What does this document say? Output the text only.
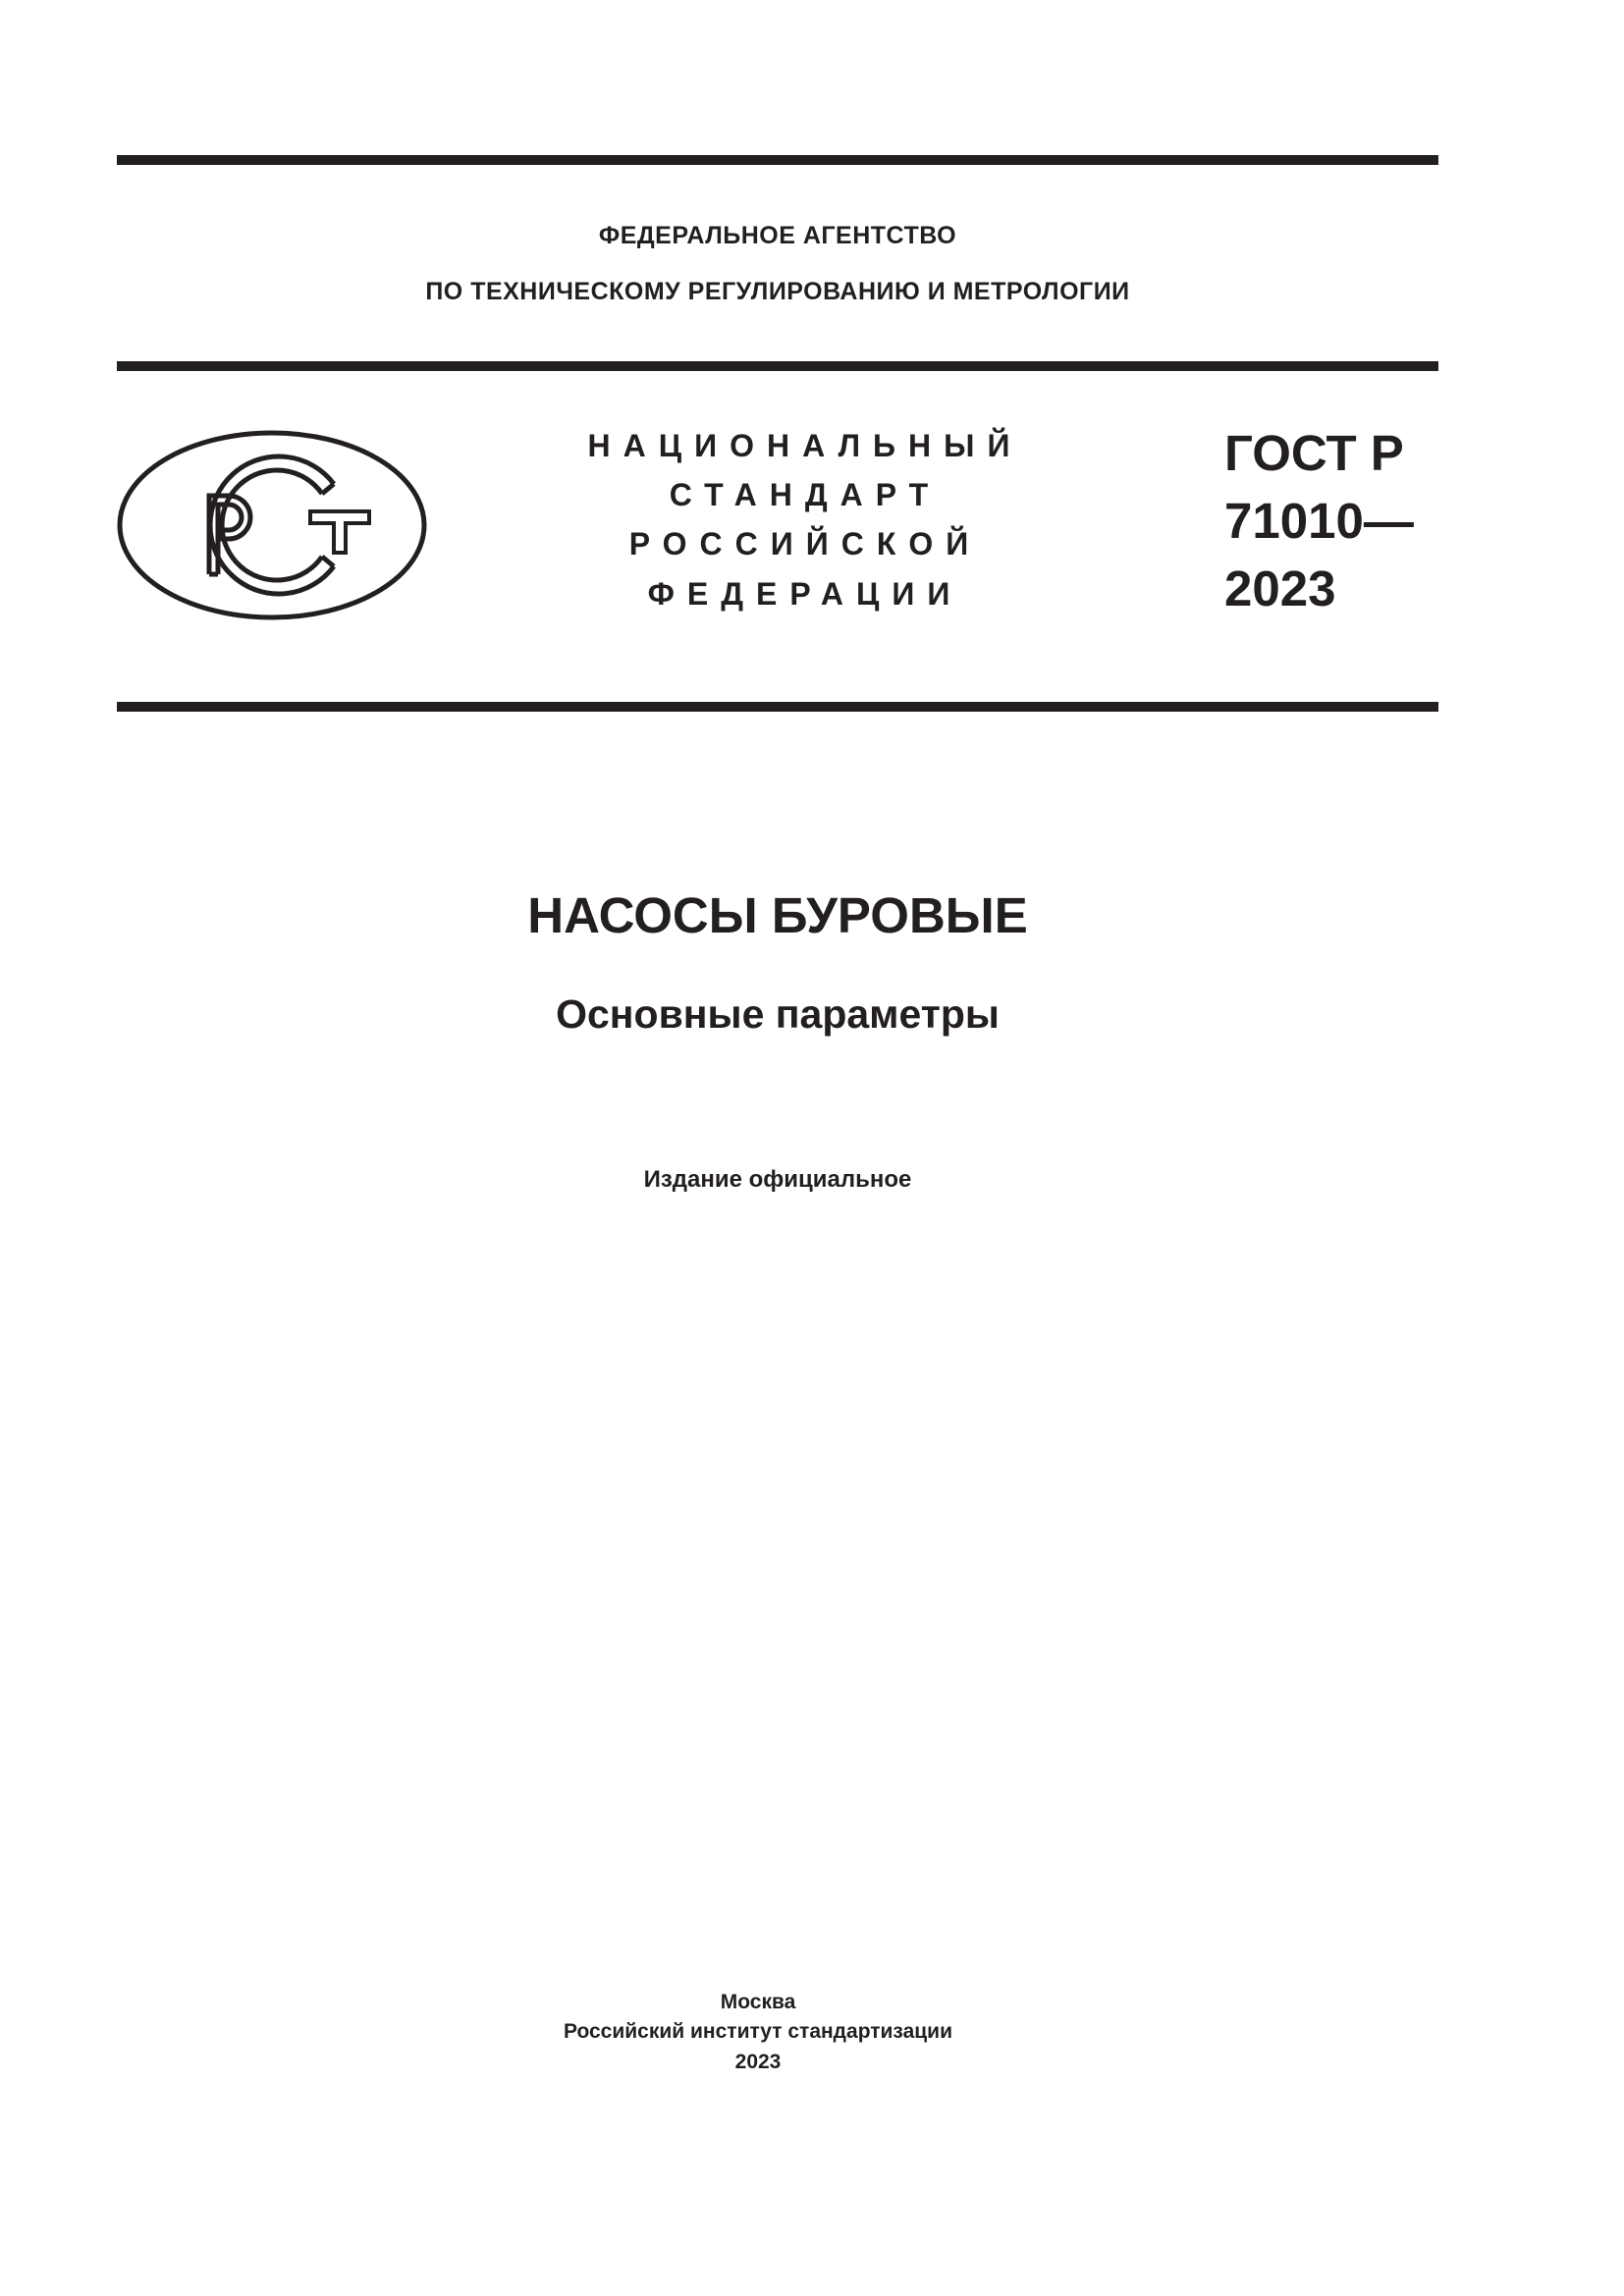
ФЕДЕРАЛЬНОЕ АГЕНТСТВО
ПО ТЕХНИЧЕСКОМУ РЕГУЛИРОВАНИЮ И МЕТРОЛОГИИ
НАЦИОНАЛЬНЫЙ
СТАНДАРТ
РОССИЙСКОЙ
ФЕДЕРАЦИИ
ГОСТ Р
71010—
2023
НАСОСЫ БУРОВЫЕ
Основные параметры
Издание официальное
Москва
Российский институт стандартизации
2023
